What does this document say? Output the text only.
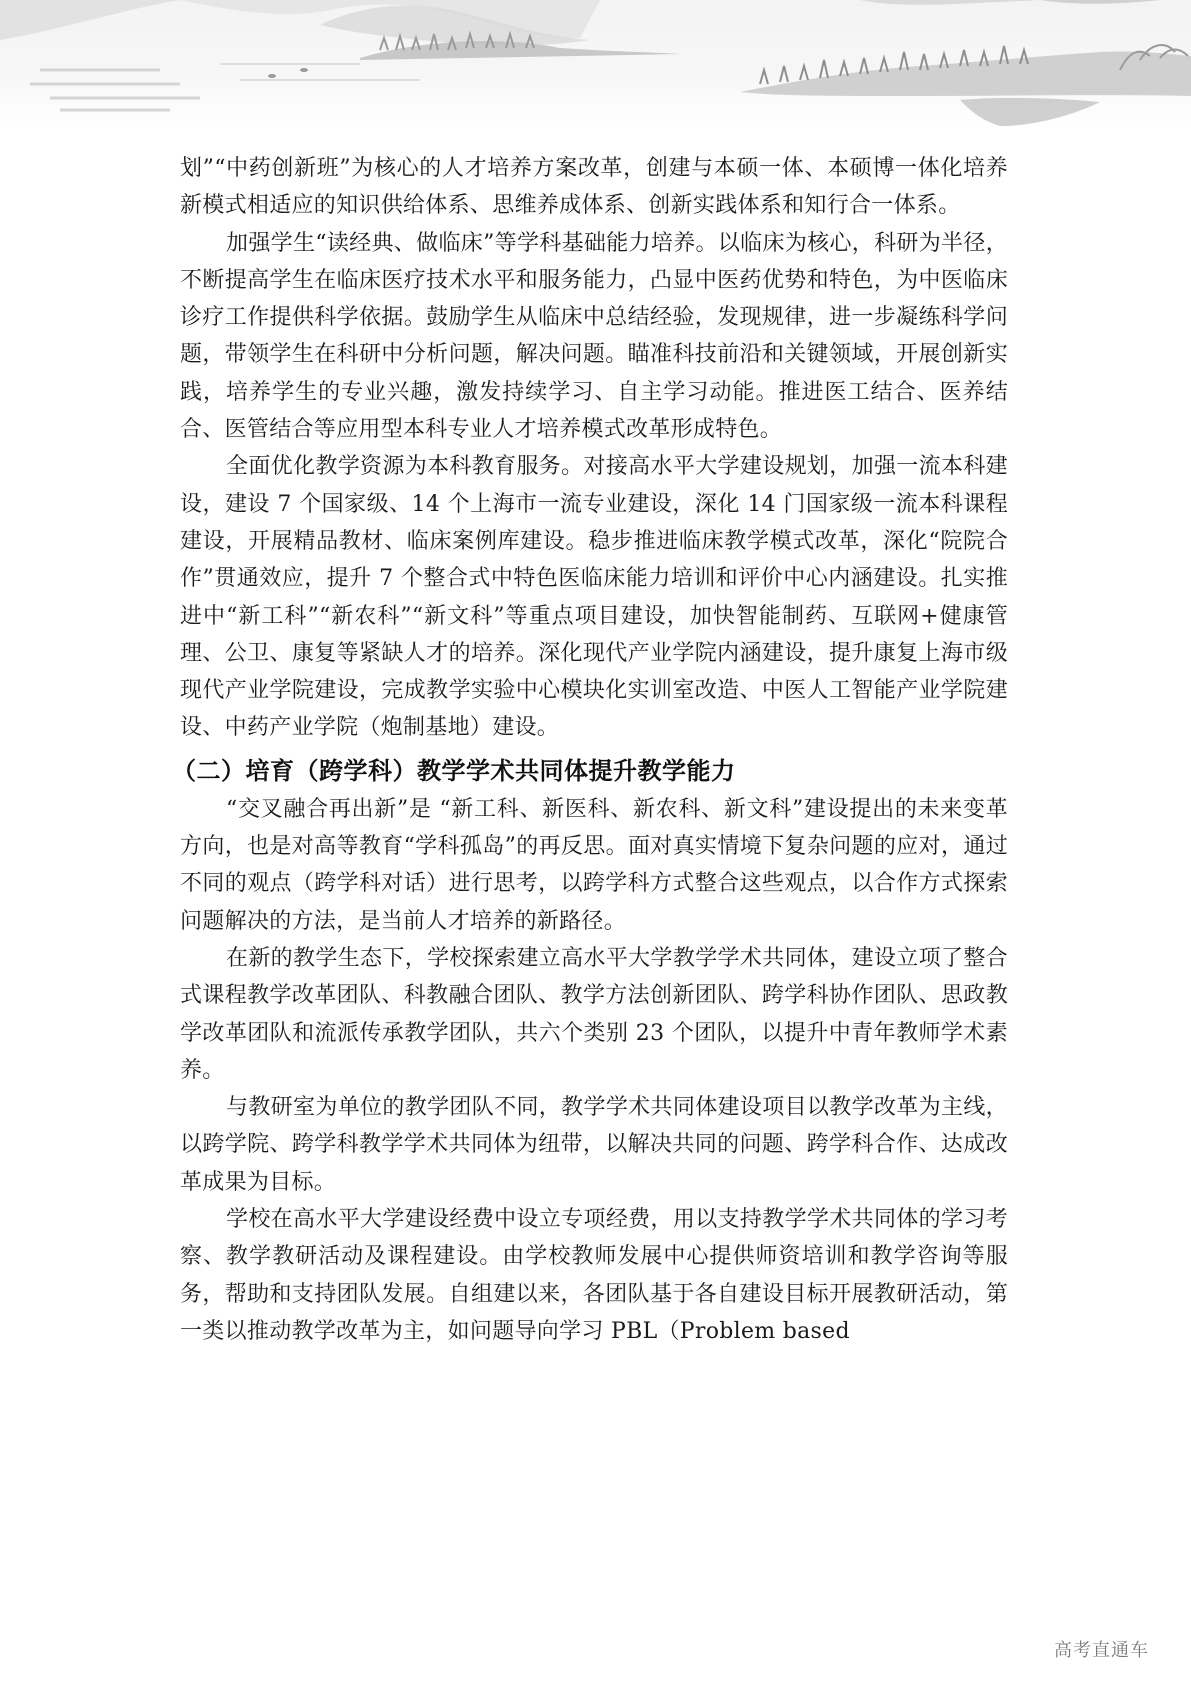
划”“中药创新班”为核心的人才培养方案改革，创建与本硕一体、本硕博一体化培养新模式相适应的知识供给体系、思维养成体系、创新实践体系和知行合一体系。

加强学生“读经典、做临床”等学科基础能力培养。以临床为核心，科研为半径，不断提高学生在临床医疗技术水平和服务能力，凸显中医药优势和特色，为中医临床诊疗工作提供科学依据。鼓励学生从临床中总结经验，发现规律，进一步凝练科学问题，带领学生在科研中分析问题，解决问题。瞄准科技前沿和关键领域，开展创新实践，培养学生的专业兴趣，激发持续学习、自主学习动能。推进医工结合、医养结合、医管结合等应用型本科专业人才培养模式改革形成特色。

全面优化教学资源为本科教育服务。对接高水平大学建设规划，加强一流本科建设，建设 7 个国家级、14 个上海市一流专业建设，深化 14 门国家级一流本科课程建设，开展精品教材、临床案例库建设。稳步推进临床教学模式改革，深化“院院合作”贯通效应，提升 7 个整合式中特色医临床能力培训和评价中心内涵建设。扎实推进中“新工科”“新农科”“新文科”等重点项目建设，加快智能制药、互联网+健康管理、公卫、康复等紧缺人才的培养。深化现代产业学院内涵建设，提升康复上海市级现代产业学院建设，完成教学实验中心模块化实训室改造、中医人工智能产业学院建设、中药产业学院（炮制基地）建设。

（二）培育（跨学科）教学学术共同体提升教学能力

“交叉融合再出新”是 “新工科、新医科、新农科、新文科”建设提出的未来变革方向，也是对高等教育“学科孤岛”的再反思。面对真实情境下复杂问题的应对，通过不同的观点（跨学科对话）进行思考，以跨学科方式整合这些观点，以合作方式探索问题解决的方法，是当前人才培养的新路径。

在新的教学生态下，学校探索建立高水平大学教学学术共同体，建设立项了整合式课程教学改革团队、科教融合团队、教学方法创新团队、跨学科协作团队、思政教学改革团队和流派传承教学团队，共六个类别 23 个团队，以提升中青年教师学术素养。

与教研室为单位的教学团队不同，教学学术共同体建设项目以教学改革为主线，以跨学院、跨学科教学学术共同体为纽带，以解决共同的问题、跨学科合作、达成改革成果为目标。

学校在高水平大学建设经费中设立专项经费，用以支持教学学术共同体的学习考察、教学教研活动及课程建设。由学校教师发展中心提供师资培训和教学咨询等服务，帮助和支持团队发展。自组建以来，各团队基于各自建设目标开展教研活动，第一类以推动教学改革为主，如问题导向学习 PBL（Problem based

高考直通车
